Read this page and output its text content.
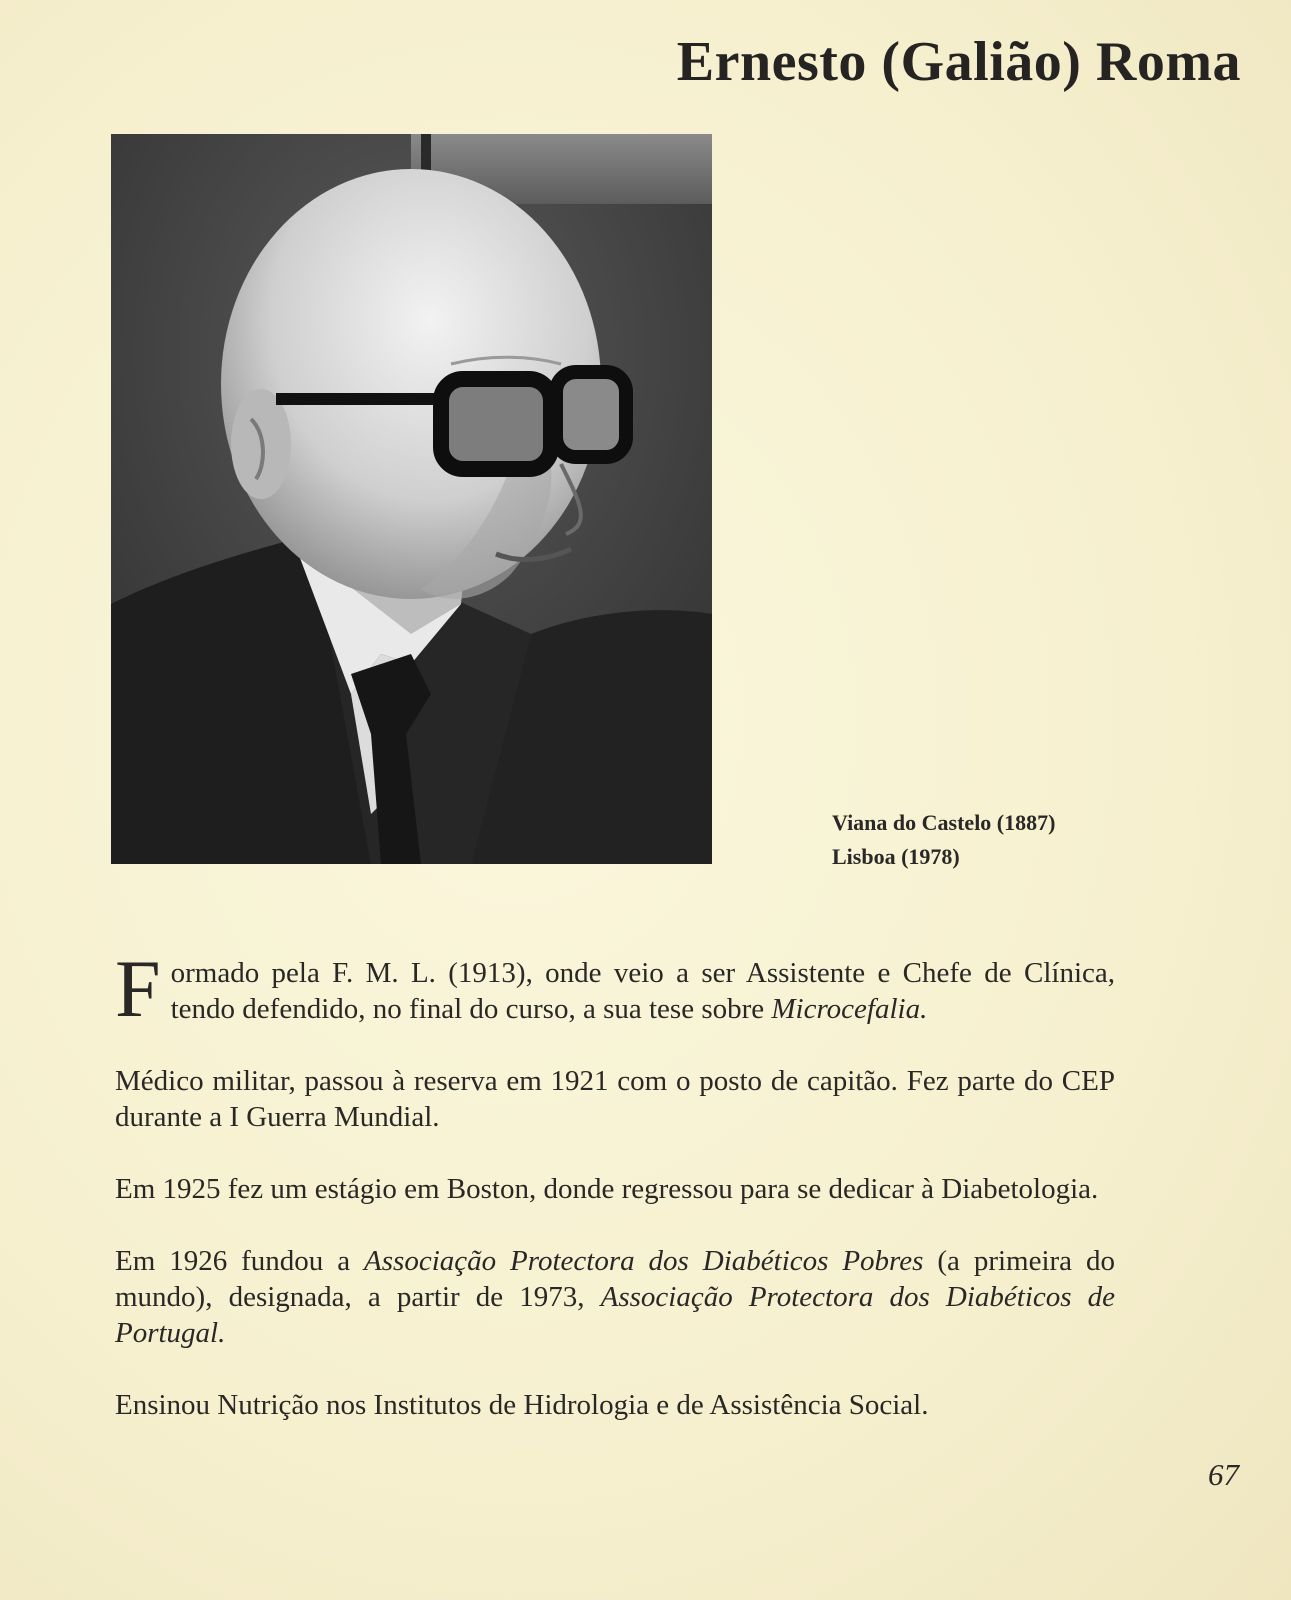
Ernesto (Galião) Roma
Viana do Castelo (1887)
Lisboa (1978)

Formado pela F. M. L. (1913), onde veio a ser Assistente e Chefe de Clínica, tendo defendido, no final do curso, a sua tese sobre Microcefalia.

Médico militar, passou à reserva em 1921 com o posto de capitão. Fez parte do CEP durante a I Guerra Mundial.

Em 1925 fez um estágio em Boston, donde regressou para se dedicar à Diabetologia.

Em 1926 fundou a Associação Protectora dos Diabéticos Pobres (a primeira do mundo), designada, a partir de 1973, Associação Protectora dos Diabéticos de Portugal.

Ensinou Nutrição nos Institutos de Hidrologia e de Assistência Social.

67
